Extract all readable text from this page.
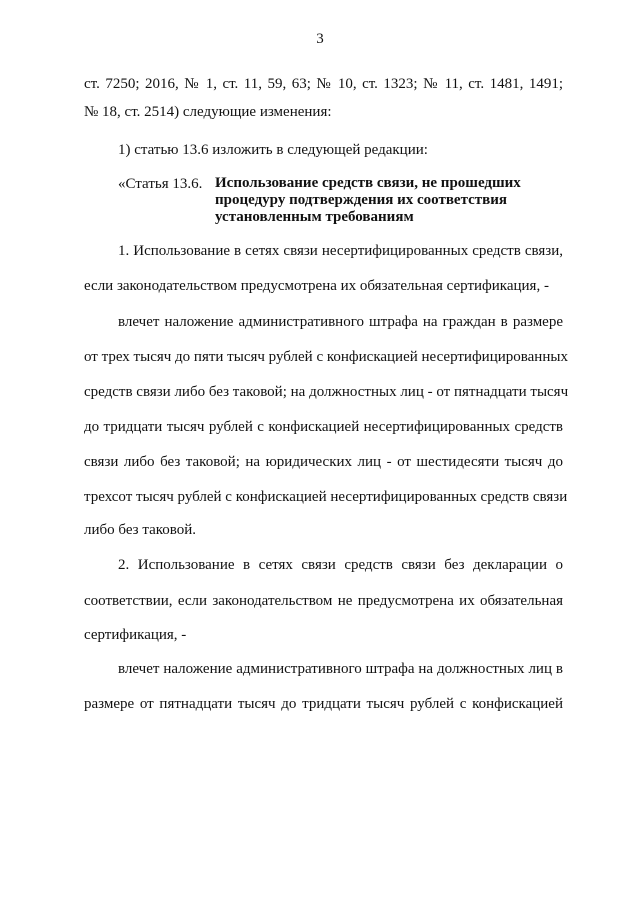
3
ст. 7250; 2016, № 1, ст. 11, 59, 63; № 10, ст. 1323; № 11, ст. 1481, 1491;
№ 18, ст. 2514) следующие изменения:
1) статью 13.6 изложить в следующей редакции:
«Статья 13.6. Использование средств связи, не прошедших
процедуру подтверждения их соответствия
установленным требованиям
1. Использование в сетях связи несертифицированных средств связи,
если законодательством предусмотрена их обязательная сертификация, -
влечет наложение административного штрафа на граждан в размере
от трех тысяч до пяти тысяч рублей с конфискацией несертифицированных
средств связи либо без таковой; на должностных лиц - от пятнадцати тысяч
до тридцати тысяч рублей с конфискацией несертифицированных средств
связи либо без таковой; на юридических лиц - от шестидесяти тысяч до
трехсот тысяч рублей с конфискацией несертифицированных средств связи
либо без таковой.
2. Использование в сетях связи средств связи без декларации о
соответствии, если законодательством не предусмотрена их обязательная
сертификация, -
влечет наложение административного штрафа на должностных лиц в
размере от пятнадцати тысяч до тридцати тысяч рублей с конфискацией
